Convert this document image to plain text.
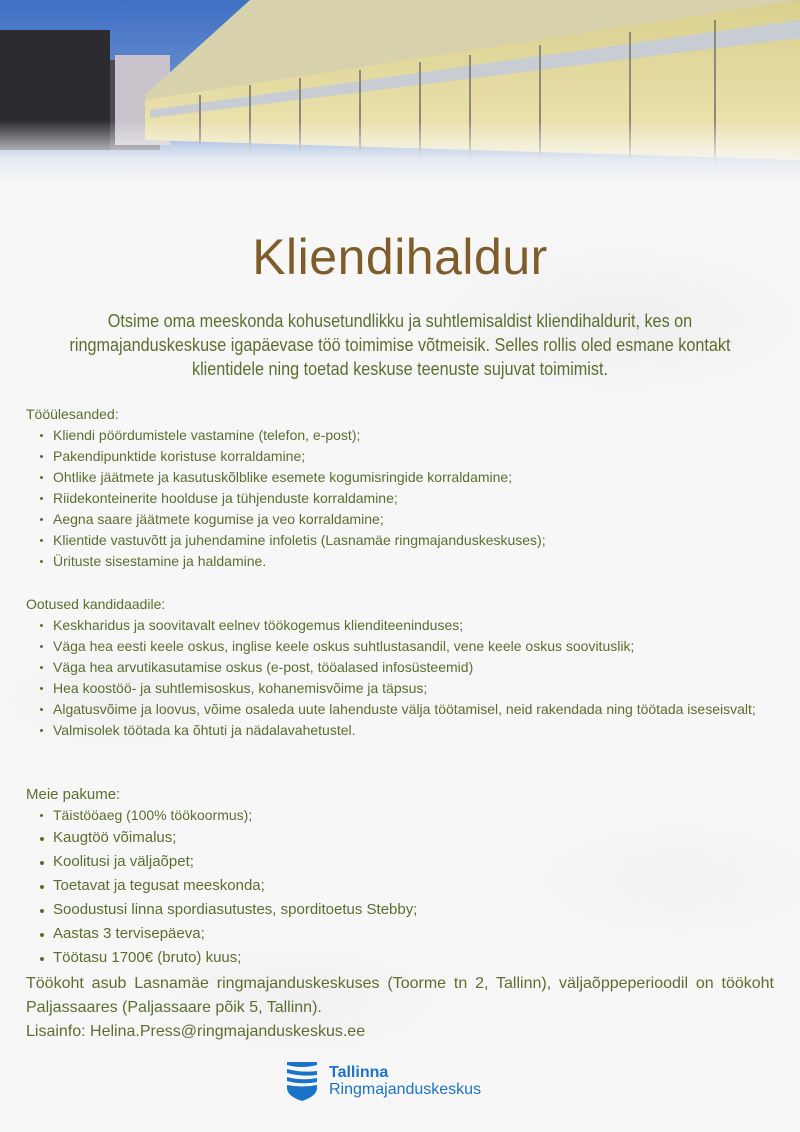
Kliendihaldur
Otsime oma meeskonda kohusetundlikku ja suhtlemisaldist kliendihaldurit, kes on ringmajanduskeskuse igapäevase töö toimimise võtmeisik. Selles rollis oled esmane kontakt klientidele ning toetad keskuse teenuste sujuvat toimimist.
Tööülesanded:
Kliendi pöördumistele vastamine (telefon, e-post);
Pakendipunktide koristuse korraldamine;
Ohtlike jäätmete ja kasutuskõlblike esemete kogumisringide korraldamine;
Riidekonteinerite hoolduse ja tühjenduste korraldamine;
Aegna saare jäätmete kogumise ja veo korraldamine;
Klientide vastuvõtt ja juhendamine infoletis (Lasnamäe ringmajanduskeskuses);
Ürituste sisestamine ja haldamine.
Ootused kandidaadile:
Keskharidus ja soovitavalt eelnev töökogemus klienditeeninduses;
Väga hea eesti keele oskus, inglise keele oskus suhtlustasandil, vene keele oskus soovituslik;
Väga hea arvutikasutamise oskus (e-post, tööalased infosüsteemid)
Hea koostöö- ja suhtlemisoskus, kohanemisvõime ja täpsus;
Algatusvõime ja loovus, võime osaleda uute lahenduste välja töötamisel, neid rakendada ning töötada iseseisvalt;
Valmisolek töötada ka õhtuti ja nädalavahetustel.
Meie pakume:
Täistööaeg (100% töökoormus);
Kaugtöö võimalus;
Koolitusi ja väljaõpet;
Toetavat ja tegusat meeskonda;
Soodustusi linna spordiasutustes, sporditoetus Stebby;
Aastas 3 tervisepäeva;
Töötasu 1700€ (bruto) kuus;

Töökoht asub Lasnamäe ringmajanduskeskuses (Toorme tn 2, Tallinn), väljaõppeperioodil on töökoht Paljassaares (Paljassaare põik 5, Tallinn).

Lisainfo: Helina.Press@ringmajanduskeskus.ee

Tallinna
Ringmajanduskeskus
